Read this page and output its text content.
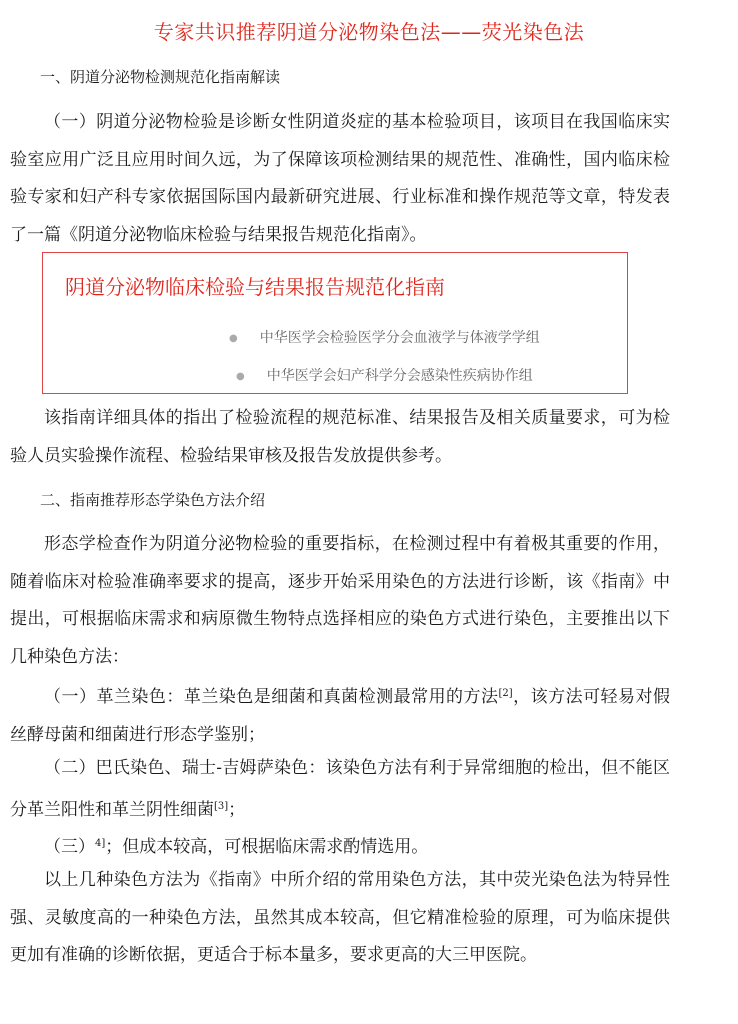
专家共识推荐阴道分泌物染色法——荧光染色法
一、阴道分泌物检测规范化指南解读

（一）阴道分泌物检验是诊断女性阴道炎症的基本检验项目，该项目在我国临床实验室应用广泛且应用时间久远，为了保障该项检测结果的规范性、准确性，国内临床检验专家和妇产科专家依据国际国内最新研究进展、行业标准和操作规范等文章，特发表了一篇《阴道分泌物临床检验与结果报告规范化指南》。

阴道分泌物临床检验与结果报告规范化指南
● 中华医学会检验医学分会血液学与体液学学组
● 中华医学会妇产科学分会感染性疾病协作组

该指南详细具体的指出了检验流程的规范标准、结果报告及相关质量要求，可为检验人员实验操作流程、检验结果审核及报告发放提供参考。

二、指南推荐形态学染色方法介绍

形态学检查作为阴道分泌物检验的重要指标，在检测过程中有着极其重要的作用，随着临床对检验准确率要求的提高，逐步开始采用染色的方法进行诊断，该《指南》中提出，可根据临床需求和病原微生物特点选择相应的染色方式进行染色，主要推出以下几种染色方法：

（一）革兰染色：革兰染色是细菌和真菌检测最常用的方法[2]，该方法可轻易对假丝酵母菌和细菌进行形态学鉴别；

（二）巴氏染色、瑞士-吉姆萨染色：该染色方法有利于异常细胞的检出，但不能区分革兰阳性和革兰阴性细菌[3]；

（三）$^{4]}$；但成本较高，可根据临床需求酌情选用。

以上几种染色方法为《指南》中所介绍的常用染色方法，其中荧光染色法为特异性强、灵敏度高的一种染色方法，虽然其成本较高，但它精准检验的原理，可为临床提供更加有准确的诊断依据，更适合于标本量多，要求更高的大三甲医院。
